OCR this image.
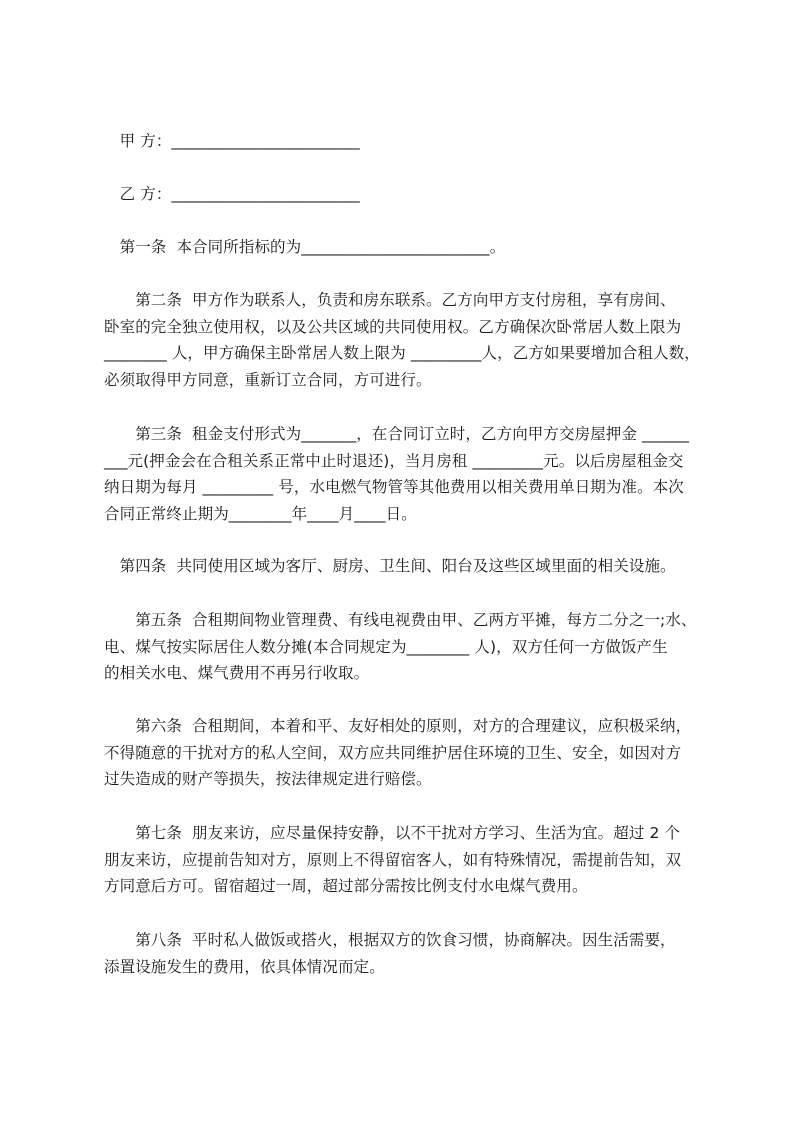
　甲 方：________________________
　乙 方：________________________
　第一条  本合同所指标的为________________________。
　　第二条  甲方作为联系人，负责和房东联系。乙方向甲方支付房租，享有房间、
卧室的完全独立使用权，以及公共区域的共同使用权。乙方确保次卧常居人数上限为
________ 人，甲方确保主卧常居人数上限为 _________人，乙方如果要增加合租人数，
必须取得甲方同意，重新订立合同，方可进行。
　　第三条  租金支付形式为_______，在合同订立时，乙方向甲方交房屋押金 ______
___元(押金会在合租关系正常中止时退还)，当月房租 _________元。以后房屋租金交
纳日期为每月 _________ 号，水电燃气物管等其他费用以相关费用单日期为准。本次
合同正常终止期为________年____月____日。
　第四条  共同使用区域为客厅、厨房、卫生间、阳台及这些区域里面的相关设施。
　　第五条  合租期间物业管理费、有线电视费由甲、乙两方平摊，每方二分之一;水、
电、煤气按实际居住人数分摊(本合同规定为________ 人)，双方任何一方做饭产生
的相关水电、煤气费用不再另行收取。
　　第六条  合租期间，本着和平、友好相处的原则，对方的合理建议，应积极采纳，
不得随意的干扰对方的私人空间，双方应共同维护居住环境的卫生、安全，如因对方
过失造成的财产等损失，按法律规定进行赔偿。
　　第七条  朋友来访，应尽量保持安静，以不干扰对方学习、生活为宜。超过 2 个
朋友来访，应提前告知对方，原则上不得留宿客人，如有特殊情况，需提前告知，双
方同意后方可。留宿超过一周，超过部分需按比例支付水电煤气费用。
　　第八条  平时私人做饭或搭火，根据双方的饮食习惯，协商解决。因生活需要，
添置设施发生的费用，依具体情况而定。
